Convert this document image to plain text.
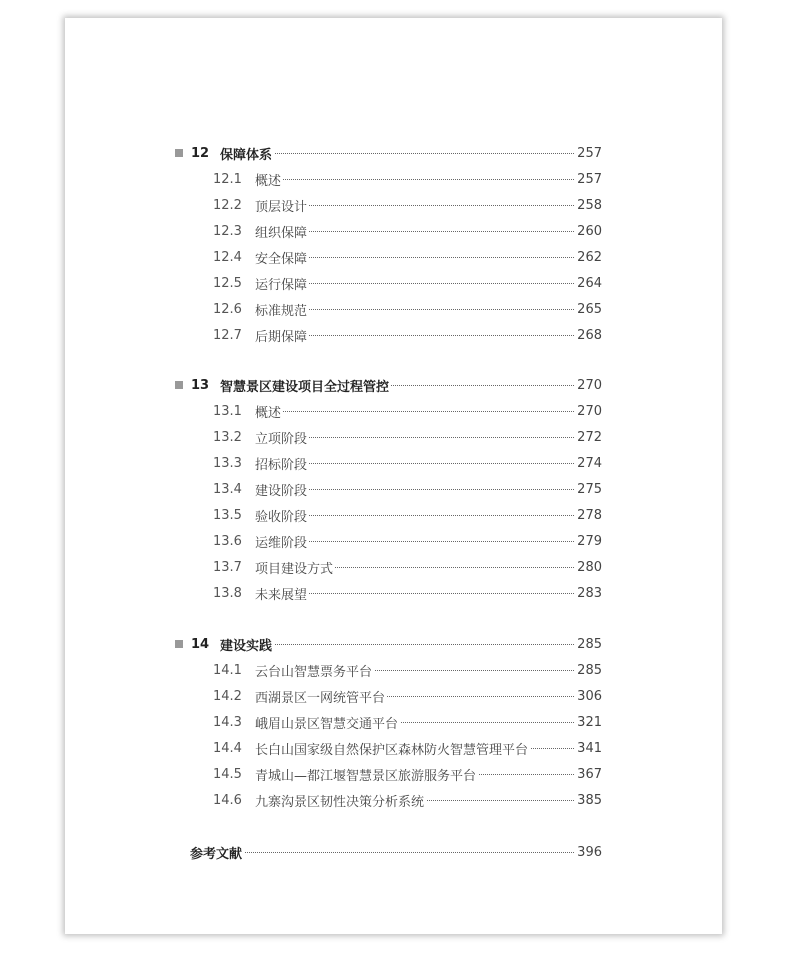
12 保障体系	257
12.1 概述	257
12.2 顶层设计	258
12.3 组织保障	260
12.4 安全保障	262
12.5 运行保障	264
12.6 标准规范	265
12.7 后期保障	268
13 智慧景区建设项目全过程管控	270
13.1 概述	270
13.2 立项阶段	272
13.3 招标阶段	274
13.4 建设阶段	275
13.5 验收阶段	278
13.6 运维阶段	279
13.7 项目建设方式	280
13.8 未来展望	283
14 建设实践	285
14.1 云台山智慧票务平台	285
14.2 西湖景区一网统管平台	306
14.3 峨眉山景区智慧交通平台	321
14.4 长白山国家级自然保护区森林防火智慧管理平台	341
14.5 青城山—都江堰智慧景区旅游服务平台	367
14.6 九寨沟景区韧性决策分析系统	385
参考文献	396
